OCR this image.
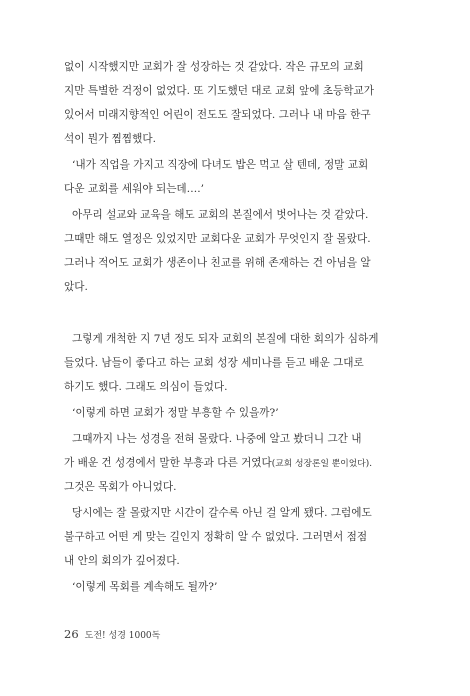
없이 시작했지만 교회가 잘 성장하는 것 같았다. 작은 규모의 교회
지만 특별한 걱정이 없었다. 또 기도했던 대로 교회 앞에 초등학교가
있어서 미래지향적인 어린이 전도도 잘되었다. 그러나 내 마음 한구
석이 뭔가 찜찜했다.
‘내가 직업을 가지고 직장에 다녀도 밥은 먹고 살 텐데, 정말 교회
다운 교회를 세워야 되는데….’
아무리 설교와 교육을 해도 교회의 본질에서 벗어나는 것 같았다.
그때만 해도 열정은 있었지만 교회다운 교회가 무엇인지 잘 몰랐다.
그러나 적어도 교회가 생존이나 친교를 위해 존재하는 건 아님을 알
았다.
그렇게 개척한 지 7년 정도 되자 교회의 본질에 대한 회의가 심하게
들었다. 남들이 좋다고 하는 교회 성장 세미나를 듣고 배운 그대로
하기도 했다. 그래도 의심이 들었다.
‘이렇게 하면 교회가 정말 부흥할 수 있을까?’
그때까지 나는 성경을 전혀 몰랐다. 나중에 알고 봤더니 그간 내
가 배운 건 성경에서 말한 부흥과 다른 거였다(교회 성장론일 뿐이었다).
그것은 목회가 아니었다.
당시에는 잘 몰랐지만 시간이 갈수록 아닌 걸 알게 됐다. 그럼에도
불구하고 어떤 게 맞는 길인지 정확히 알 수 없었다. 그러면서 점점
내 안의 회의가 깊어졌다.
‘이렇게 목회를 계속해도 될까?’
26 도전! 성경 1000독
